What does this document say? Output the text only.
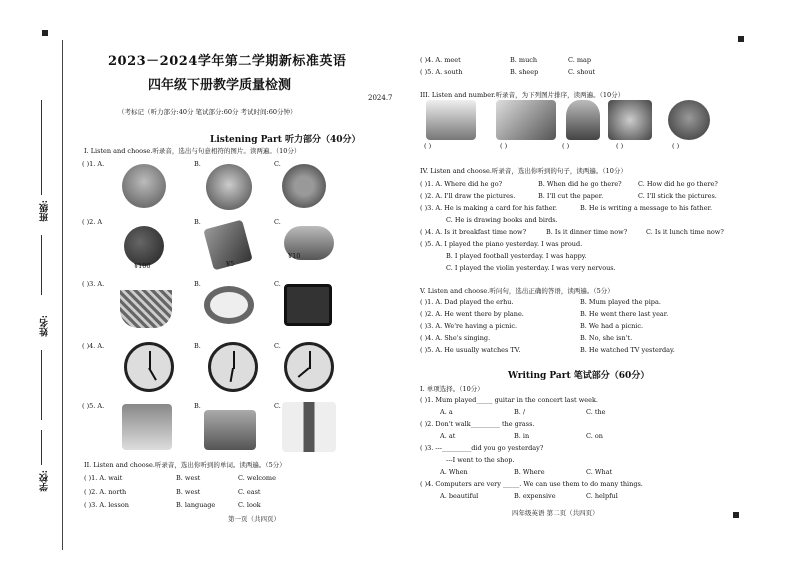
班级:
姓名:
学校:
2023－2024学年第二学期新标准英语
四年级下册教学质量检测
2024.7
（考标记（听力部分:40分 笔试部分:60分 考试时间:60分钟）
Listening Part 听力部分（40分）
I. Listen and choose.听录音，选出与句意相符的图片。读两遍。（10分）
( )1. A.	B.	C.
( )2. A	B.	C.
¥100	¥5
¥10
( )3. A.	B.	C.
( )4. A.	B.	C.
( )5. A.	B.	C.
II. Listen and choose.听录音，选出你听到的单词。读两遍。（5分）
( )1. A. wait	B. west	C. welcome
( )2. A. north	B. west	C. east
( )3. A. lesson	B. language	C. look
第一页（共四页）
( )4. A. meet	B. much	C. map
( )5. A. south	B. sheep	C. shout
III. Listen and number.听录音，为下列图片排序，读两遍。（10分）
( )	( )	( )	( )	( )
IV. Listen and choose.听录音，选出你听到的句子，读两遍。（10分）
( )1. A. Where did he go?	B. When did he go there?	C. How did he go there?
( )2. A. I'll draw the pictures.	B. I'll cut the paper.	C. I'll stick the pictures.
( )3. A. He is making a card for his father.	B. He is writing a message to his father.
C. He is drawing books and birds.
( )4. A. Is it breakfast time now?	B. Is it dinner time now?	C. Is it lunch time now?
( )5. A. I played the piano yesterday. I was proud.
B. I played football yesterday. I was happy.
C. I played the violin yesterday. I was very nervous.
V. Listen and choose.听问句，选出正确的答语，读两遍。（5分）
( )1. A. Dad played the erhu.	B. Mum played the pipa.
( )2. A. He went there by plane.	B. He went there last year.
( )3. A. We're having a picnic.	B. We had a picnic.
( )4. A. She's singing.	B. No, she isn't.
( )5. A. He usually watches TV.	B. He watched TV yesterday.
Writing Part 笔试部分（60分）
I. 单项选择。（10分）
( )1. Mum played_____ guitar in the concert last week.
A. a	B. /	C. the
( )2. Don't walk_________ the grass.
A. at	B. in	C. on
( )3. ---_________did you go yesterday?
---I went to the shop.
A. When	B. Where	C. What
( )4. Computers are very _____. We can use them to do many things.
A. beautiful	B. expensive	C. helpful
四年级英语 第二页（共四页）
